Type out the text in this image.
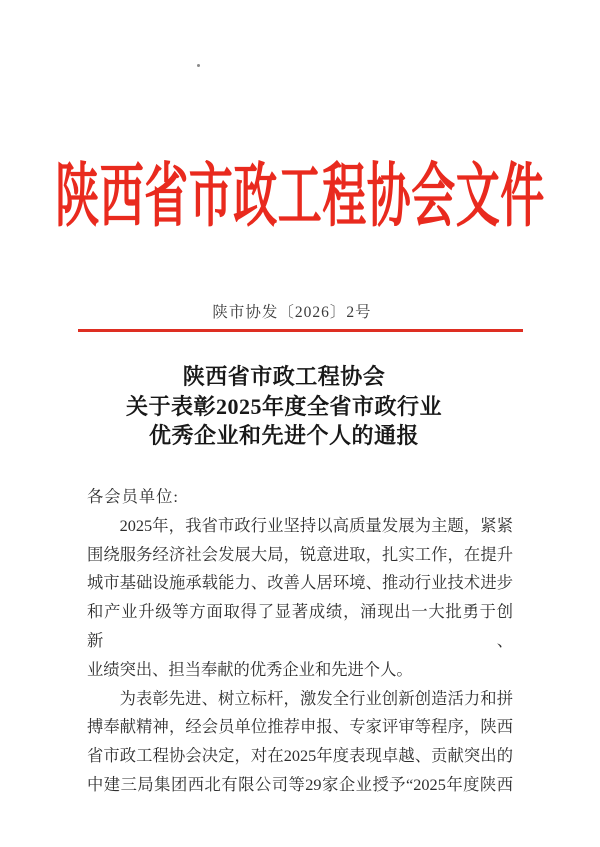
陕西省市政工程协会文件
陕市协发〔2026〕2号
陕西省市政工程协会
关于表彰2025年度全省市政行业
优秀企业和先进个人的通报
各会员单位:
2025年，我省市政行业坚持以高质量发展为主题，紧紧
围绕服务经济社会发展大局，锐意进取，扎实工作，在提升
城市基础设施承载能力、改善人居环境、推动行业技术进步
和产业升级等方面取得了显著成绩，涌现出一大批勇于创新、
业绩突出、担当奉献的优秀企业和先进个人。
为表彰先进、树立标杆，激发全行业创新创造活力和拼
搏奉献精神，经会员单位推荐申报、专家评审等程序，陕西
省市政工程协会决定，对在2025年度表现卓越、贡献突出的
中建三局集团西北有限公司等29家企业授予“2025年度陕西
